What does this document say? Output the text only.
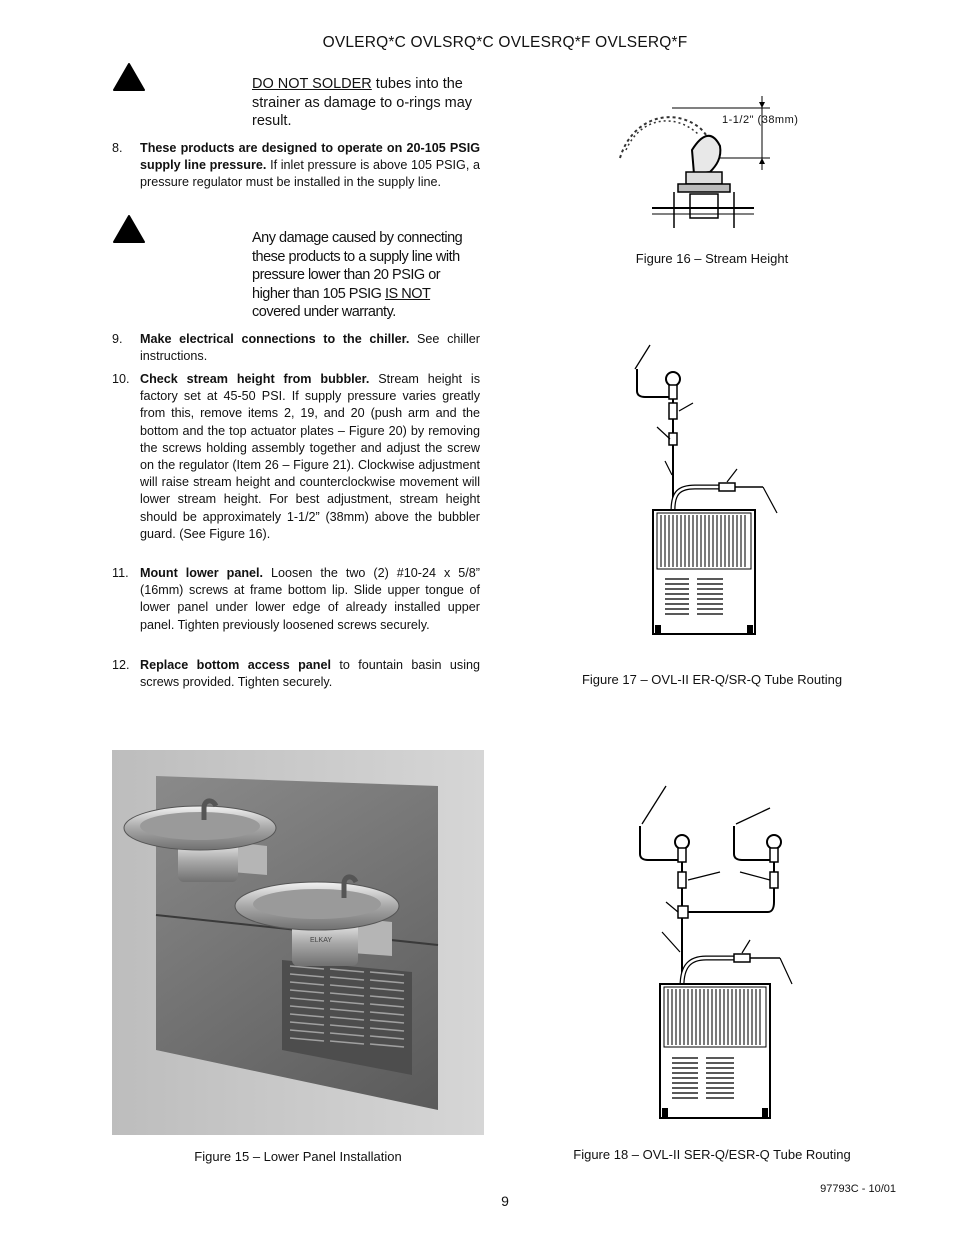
OVLERQ*C OVLSRQ*C OVLESRQ*F OVLSERQ*F
DO NOT SOLDER tubes into the strainer as damage to o-rings may result.
8.	These products are designed to operate on 20-105 PSIG supply line pressure. If inlet pressure is above 105 PSIG, a pressure regulator must be installed in the supply line.
Any damage caused by connecting these products to a supply line with pressure lower than 20 PSIG or higher than 105 PSIG IS NOT covered under warranty.
9.	Make electrical connections to the chiller. See chiller instructions.
10. Check stream height from bubbler. Stream height is factory set at 45-50 PSI. If supply pressure varies greatly from this, remove items 2, 19, and 20 (push arm and the bottom and the top actuator plates – Figure 20) by removing the screws holding assembly together and adjust the screw on the regulator (Item 26 – Figure 21). Clockwise adjustment will raise stream height and counterclockwise movement will lower stream height. For best adjustment, stream height should be approximately 1-1/2” (38mm) above the bubbler guard. (See Figure 16).
11. Mount lower panel. Loosen the two (2) #10-24 x 5/8” (16mm) screws at frame bottom lip. Slide upper tongue of lower panel under lower edge of already installed upper panel. Tighten previously loosened screws securely.
12. Replace bottom access panel to fountain basin using screws provided. Tighten securely.
1-1/2" (38mm)
Figure 16 – Stream Height
Figure 17 – OVL-II ER-Q/SR-Q Tube Routing
ELKAY
Figure 15 – Lower Panel Installation	Figure 18 – OVL-II SER-Q/ESR-Q Tube Routing
97793C - 10/01
9
